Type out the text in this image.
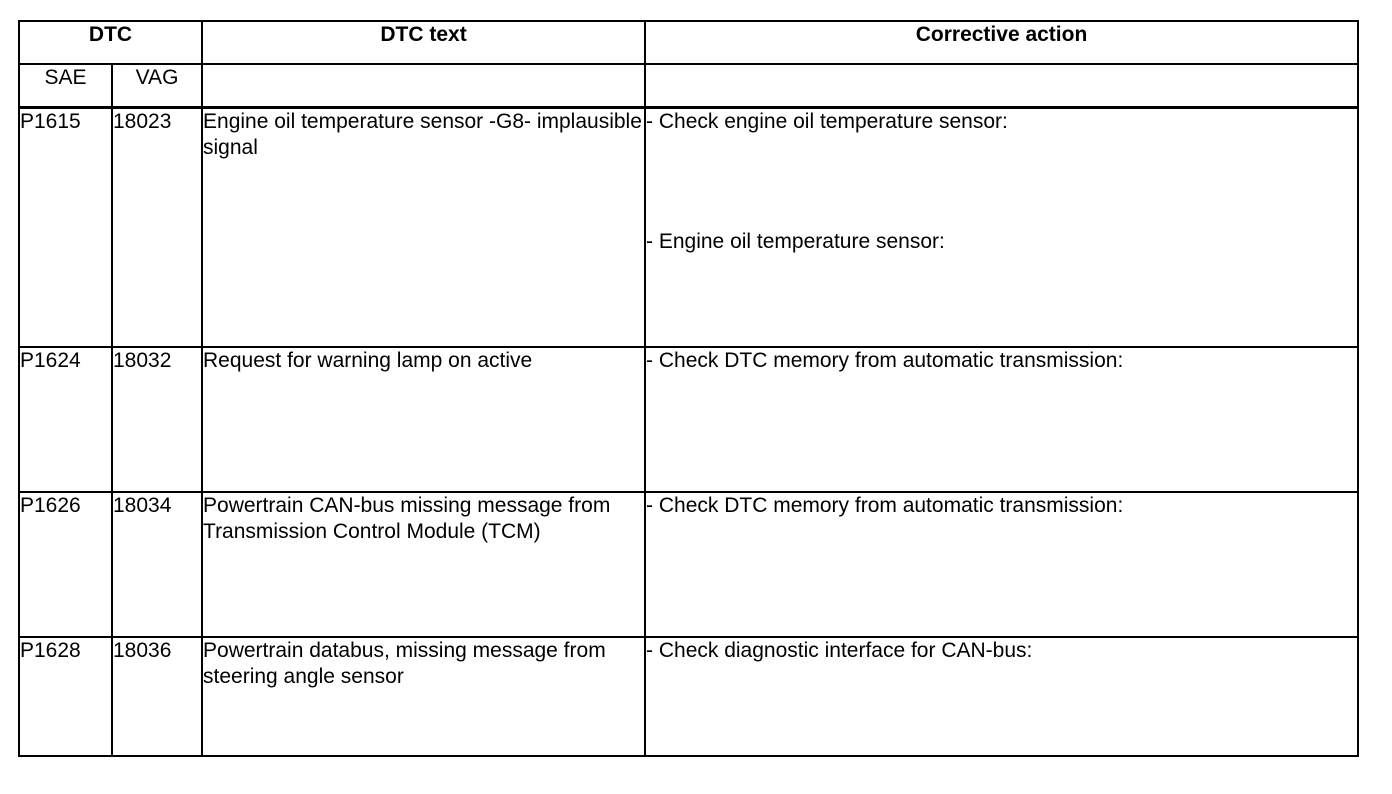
DTC		DTC text	Corrective action
SAE	VAG		
P1615	18023	Engine oil temperature sensor -G8- implausible signal	- Check engine oil temperature sensor:
- Engine oil temperature sensor:

P1624	18032	Request for warning lamp on active	- Check DTC memory from automatic transmission:

P1626	18034	Powertrain CAN-bus missing message from Transmission Control Module (TCM)	- Check DTC memory from automatic transmission:

P1628	18036	Powertrain databus, missing message from steering angle sensor	- Check diagnostic interface for CAN-bus:
